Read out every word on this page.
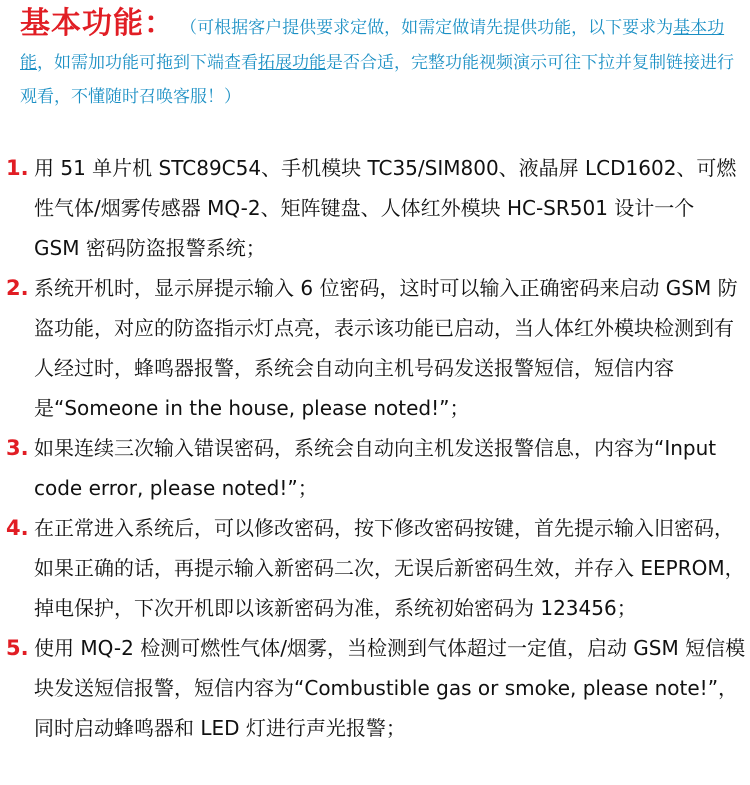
基本功能： （可根据客户提供要求定做，如需定做请先提供功能，以下要求为基本功能，如需加功能可拖到下端查看拓展功能是否合适，完整功能视频演示可往下拉并复制链接进行观看，不懂随时召唤客服！）
1. 用 51 单片机 STC89C54、手机模块 TC35/SIM800、液晶屏 LCD1602、可燃性气体/烟雾传感器 MQ-2、矩阵键盘、人体红外模块 HC-SR501 设计一个 GSM 密码防盗报警系统；
2. 系统开机时，显示屏提示输入 6 位密码，这时可以输入正确密码来启动 GSM 防盗功能，对应的防盗指示灯点亮，表示该功能已启动，当人体红外模块检测到有人经过时，蜂鸣器报警，系统会自动向主机号码发送报警短信，短信内容是“Someone in the house, please noted!”；
3. 如果连续三次输入错误密码，系统会自动向主机发送报警信息，内容为“Input code error, please noted!”；
4. 在正常进入系统后，可以修改密码，按下修改密码按键，首先提示输入旧密码，如果正确的话，再提示输入新密码二次，无误后新密码生效，并存入 EEPROM，掉电保护，下次开机即以该新密码为准，系统初始密码为 123456；
5. 使用 MQ-2 检测可燃性气体/烟雾，当检测到气体超过一定值，启动 GSM 短信模块发送短信报警，短信内容为“Combustible gas or smoke, please note!”，同时启动蜂鸣器和 LED 灯进行声光报警；
